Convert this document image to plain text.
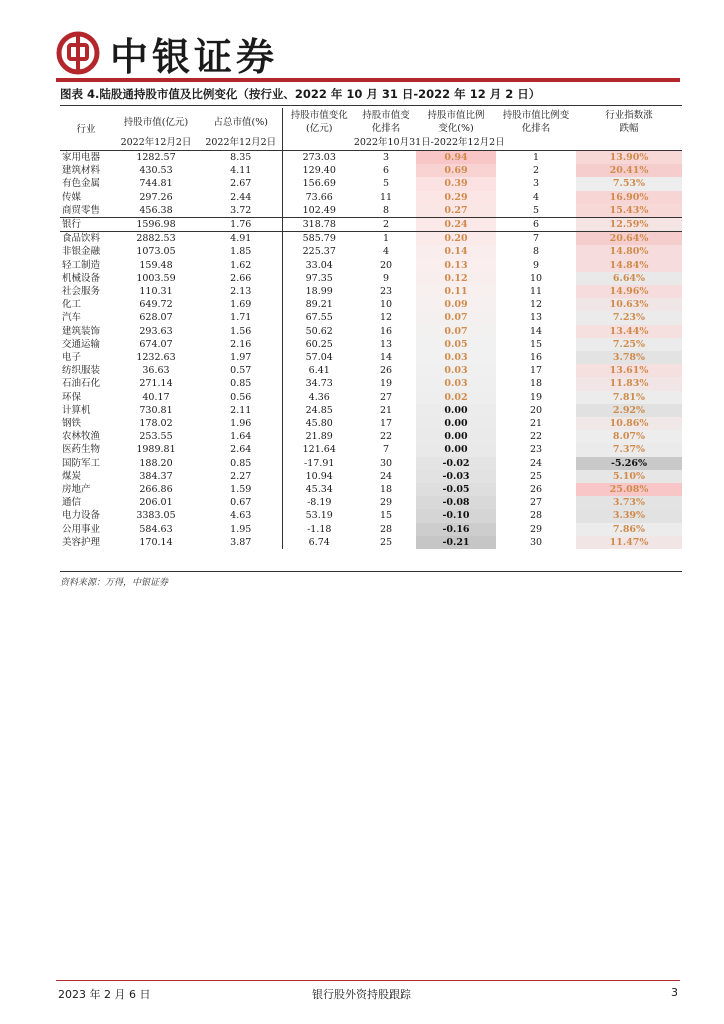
中银证券
图表 4.陆股通持股市值及比例变化（按行业、2022 年 10 月 31 日-2022 年 12 月 2 日）
行业	持股市值(亿元)	占总市值(%)	持股市值变化(亿元)	持股市值变化排名	持股市值比例变化(%)	持股市值比例变化排名	行业指数涨跌幅
	2022年12月2日	2022年12月2日	2022年10月31日-2022年12月2日				
家用电器	1282.57	8.35	273.03	3	0.94	1	13.90%
建筑材料	430.53	4.11	129.40	6	0.69	2	20.41%
有色金属	744.81	2.67	156.69	5	0.39	3	7.53%
传媒	297.26	2.44	73.66	11	0.29	4	16.90%
商贸零售	456.38	3.72	102.49	8	0.27	5	15.43%
银行	1596.98	1.76	318.78	2	0.24	6	12.59%
食品饮料	2882.53	4.91	585.79	1	0.20	7	20.64%
非银金融	1073.05	1.85	225.37	4	0.14	8	14.80%
轻工制造	159.48	1.62	33.04	20	0.13	9	14.84%
机械设备	1003.59	2.66	97.35	9	0.12	10	6.64%
社会服务	110.31	2.13	18.99	23	0.11	11	14.96%
化工	649.72	1.69	89.21	10	0.09	12	10.63%
汽车	628.07	1.71	67.55	12	0.07	13	7.23%
建筑装饰	293.63	1.56	50.62	16	0.07	14	13.44%
交通运输	674.07	2.16	60.25	13	0.05	15	7.25%
电子	1232.63	1.97	57.04	14	0.03	16	3.78%
纺织服装	36.63	0.57	6.41	26	0.03	17	13.61%
石油石化	271.14	0.85	34.73	19	0.03	18	11.83%
环保	40.17	0.56	4.36	27	0.02	19	7.81%
计算机	730.81	2.11	24.85	21	0.00	20	2.92%
钢铁	178.02	1.96	45.80	17	0.00	21	10.86%
农林牧渔	253.55	1.64	21.89	22	0.00	22	8.07%
医药生物	1989.81	2.64	121.64	7	0.00	23	7.37%
国防军工	188.20	0.85	-17.91	30	-0.02	24	-5.26%
煤炭	384.37	2.27	10.94	24	-0.03	25	5.10%
房地产	266.86	1.59	45.34	18	-0.05	26	25.08%
通信	206.01	0.67	-8.19	29	-0.08	27	3.73%
电力设备	3383.05	4.63	53.19	15	-0.10	28	3.39%
公用事业	584.63	1.95	-1.18	28	-0.16	29	7.86%
美容护理	170.14	3.87	6.74	25	-0.21	30	11.47%
资料来源：万得，中银证券
2023 年 2 月 6 日	银行股外资持股跟踪	3
